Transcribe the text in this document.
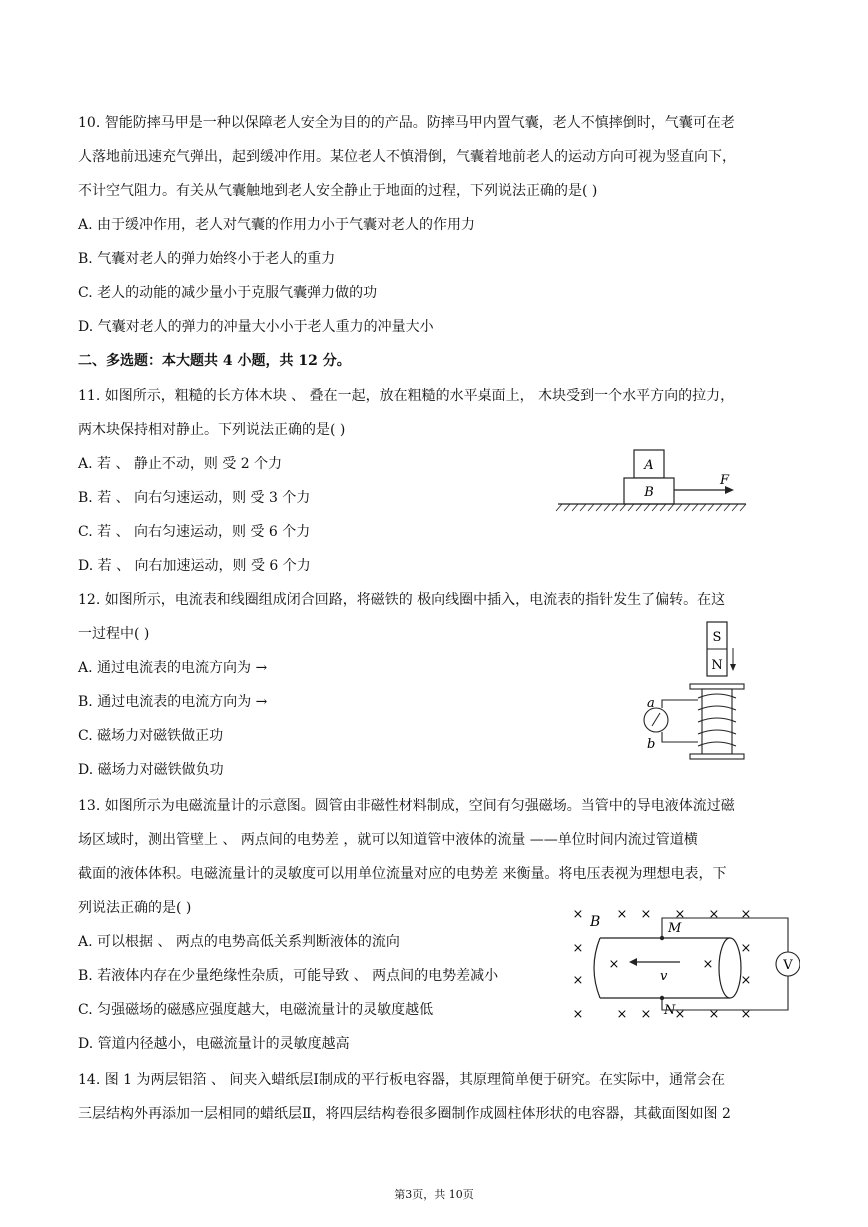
10. 智能防摔马甲是一种以保障老人安全为目的的产品。防摔马甲内置气囊，老人不慎摔倒时，气囊可在老
人落地前迅速充气弹出，起到缓冲作用。某位老人不慎滑倒，气囊着地前老人的运动方向可视为竖直向下，
不计空气阻力。有关从气囊触地到老人安全静止于地面的过程，下列说法正确的是( )
A. 由于缓冲作用，老人对气囊的作用力小于气囊对老人的作用力
B. 气囊对老人的弹力始终小于老人的重力
C. 老人的动能的减少量小于克服气囊弹力做的功
D. 气囊对老人的弹力的冲量大小小于老人重力的冲量大小
二、多选题：本大题共 4 小题，共 12 分。
11. 如图所示，粗糙的长方体木块 、 叠在一起，放在粗糙的水平桌面上， 木块受到一个水平方向的拉力，
两木块保持相对静止。下列说法正确的是( )
A. 若 、 静止不动，则 受 2 个力
B. 若 、 向右匀速运动，则 受 3 个力
C. 若 、 向右匀速运动，则 受 6 个力
D. 若 、 向右加速运动，则 受 6 个力
A
B
F
12. 如图所示，电流表和线圈组成闭合回路，将磁铁的 极向线圈中插入，电流表的指针发生了偏转。在这
一过程中( )
A. 通过电流表的电流方向为 →
B. 通过电流表的电流方向为 →
C. 磁场力对磁铁做正功
D. 磁场力对磁铁做负功
S
N
a
b
13. 如图所示为电磁流量计的示意图。圆管由非磁性材料制成，空间有匀强磁场。当管中的导电液体流过磁
场区域时，测出管壁上 、 两点间的电势差 ，就可以知道管中液体的流量 ——单位时间内流过管道横
截面的液体体积。电磁流量计的灵敏度可以用单位流量对应的电势差 来衡量。将电压表视为理想电表，下
列说法正确的是( )
A. 可以根据 、 两点的电势高低关系判断液体的流向
B. 若液体内存在少量绝缘性杂质，可能导致 、 两点间的电势差减小
C. 匀强磁场的磁感应强度越大，电磁流量计的灵敏度越低
D. 管道内径越小，电磁流量计的灵敏度越高
×	× × × × ×
×	×
×	×
×	× × × × ×
×	×
B	M
N
v
V
14. 图 1 为两层铝箔 、 间夹入蜡纸层Ⅰ制成的平行板电容器，其原理简单便于研究。在实际中，通常会在
三层结构外再添加一层相同的蜡纸层Ⅱ，将四层结构卷很多圈制作成圆柱体形状的电容器，其截面图如图 2
第3页，共 10页
